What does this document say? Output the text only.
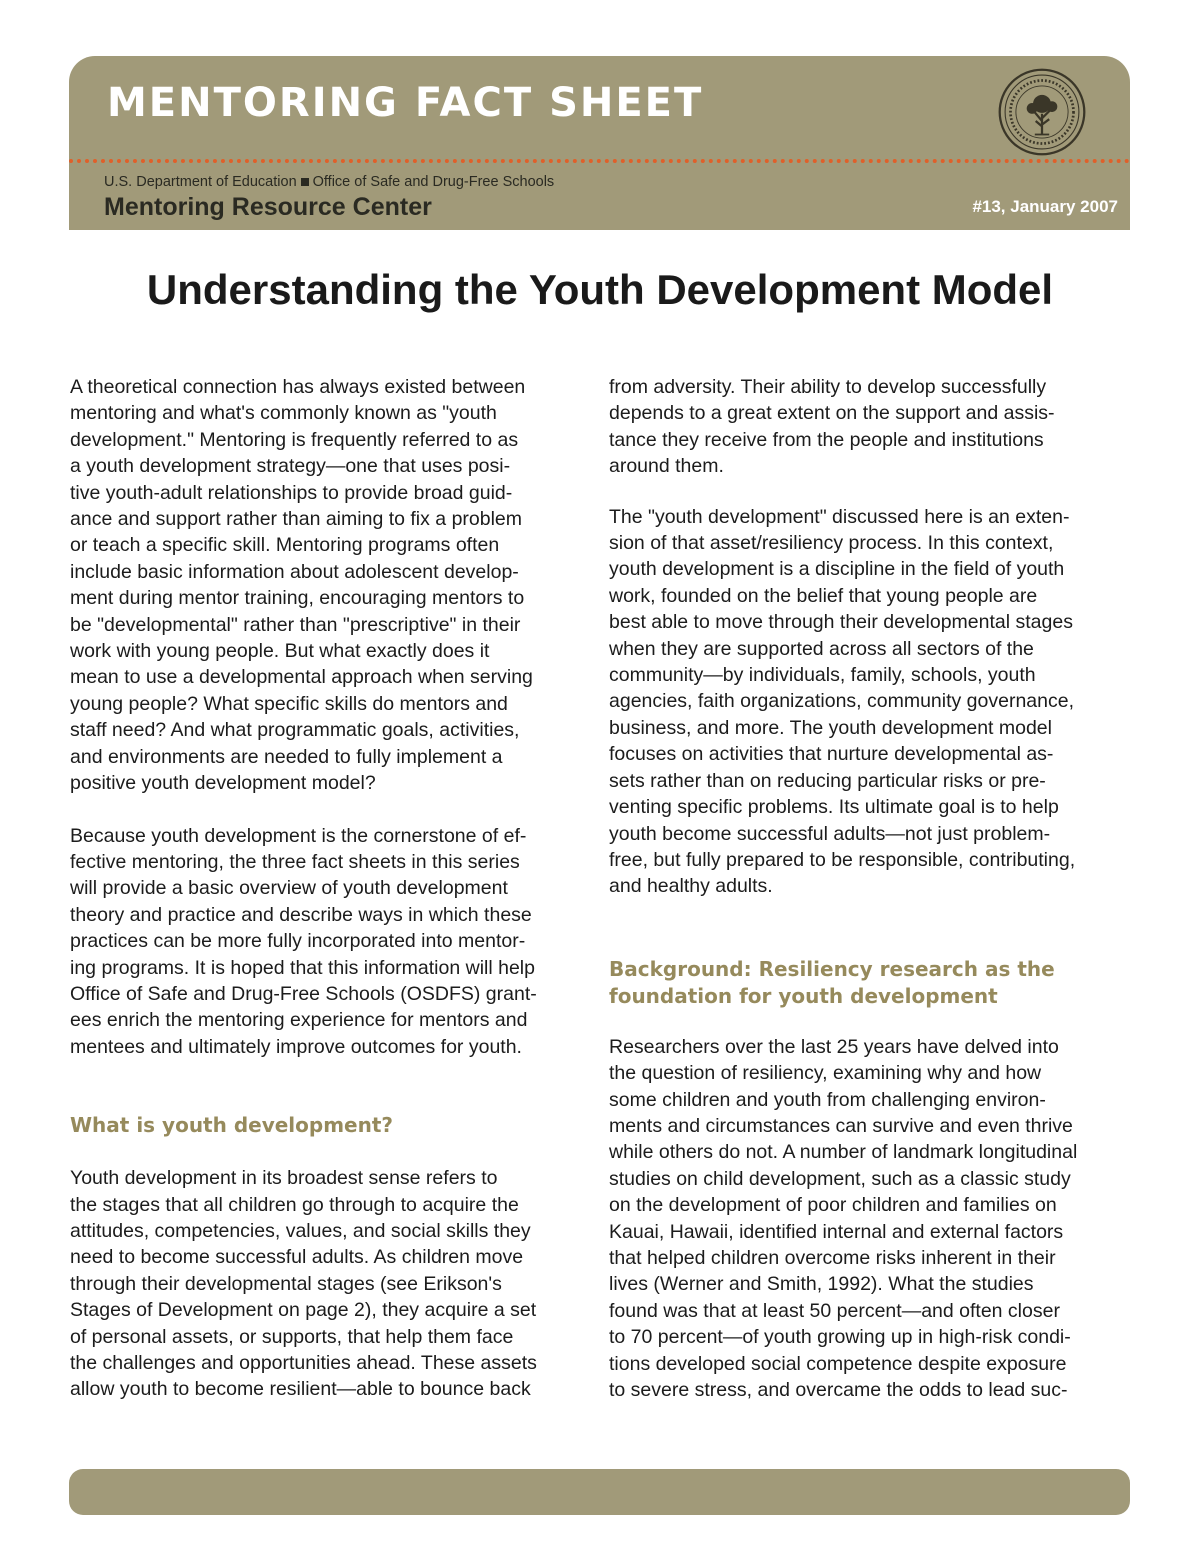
MENTORING FACT SHEET
U.S. Department of Education Office of Safe and Drug-Free Schools
Mentoring Resource Center	#13, January 2007
Understanding the Youth Development Model

A theoretical connection has always existed between
mentoring and what's commonly known as "youth
development." Mentoring is frequently referred to as
a youth development strategy—one that uses posi-
tive youth-adult relationships to provide broad guid-
ance and support rather than aiming to fix a problem
or teach a specific skill. Mentoring programs often
include basic information about adolescent develop-
ment during mentor training, encouraging mentors to
be "developmental" rather than "prescriptive" in their
work with young people. But what exactly does it
mean to use a developmental approach when serving
young people? What specific skills do mentors and
staff need? And what programmatic goals, activities,
and environments are needed to fully implement a
positive youth development model?

Because youth development is the cornerstone of ef-
fective mentoring, the three fact sheets in this series
will provide a basic overview of youth development
theory and practice and describe ways in which these
practices can be more fully incorporated into mentor-
ing programs. It is hoped that this information will help
Office of Safe and Drug-Free Schools (OSDFS) grant-
ees enrich the mentoring experience for mentors and
mentees and ultimately improve outcomes for youth.

What is youth development?

Youth development in its broadest sense refers to
the stages that all children go through to acquire the
attitudes, competencies, values, and social skills they
need to become successful adults. As children move
through their developmental stages (see Erikson's
Stages of Development on page 2), they acquire a set
of personal assets, or supports, that help them face
the challenges and opportunities ahead. These assets
allow youth to become resilient—able to bounce back

from adversity. Their ability to develop successfully
depends to a great extent on the support and assis-
tance they receive from the people and institutions
around them.

The "youth development" discussed here is an exten-
sion of that asset/resiliency process. In this context,
youth development is a discipline in the field of youth
work, founded on the belief that young people are
best able to move through their developmental stages
when they are supported across all sectors of the
community—by individuals, family, schools, youth
agencies, faith organizations, community governance,
business, and more. The youth development model
focuses on activities that nurture developmental as-
sets rather than on reducing particular risks or pre-
venting specific problems. Its ultimate goal is to help
youth become successful adults—not just problem-
free, but fully prepared to be responsible, contributing,
and healthy adults.

Background: Resiliency research as the
foundation for youth development

Researchers over the last 25 years have delved into
the question of resiliency, examining why and how
some children and youth from challenging environ-
ments and circumstances can survive and even thrive
while others do not. A number of landmark longitudinal
studies on child development, such as a classic study
on the development of poor children and families on
Kauai, Hawaii, identified internal and external factors
that helped children overcome risks inherent in their
lives (Werner and Smith, 1992). What the studies
found was that at least 50 percent—and often closer
to 70 percent—of youth growing up in high-risk condi-
tions developed social competence despite exposure
to severe stress, and overcame the odds to lead suc-
